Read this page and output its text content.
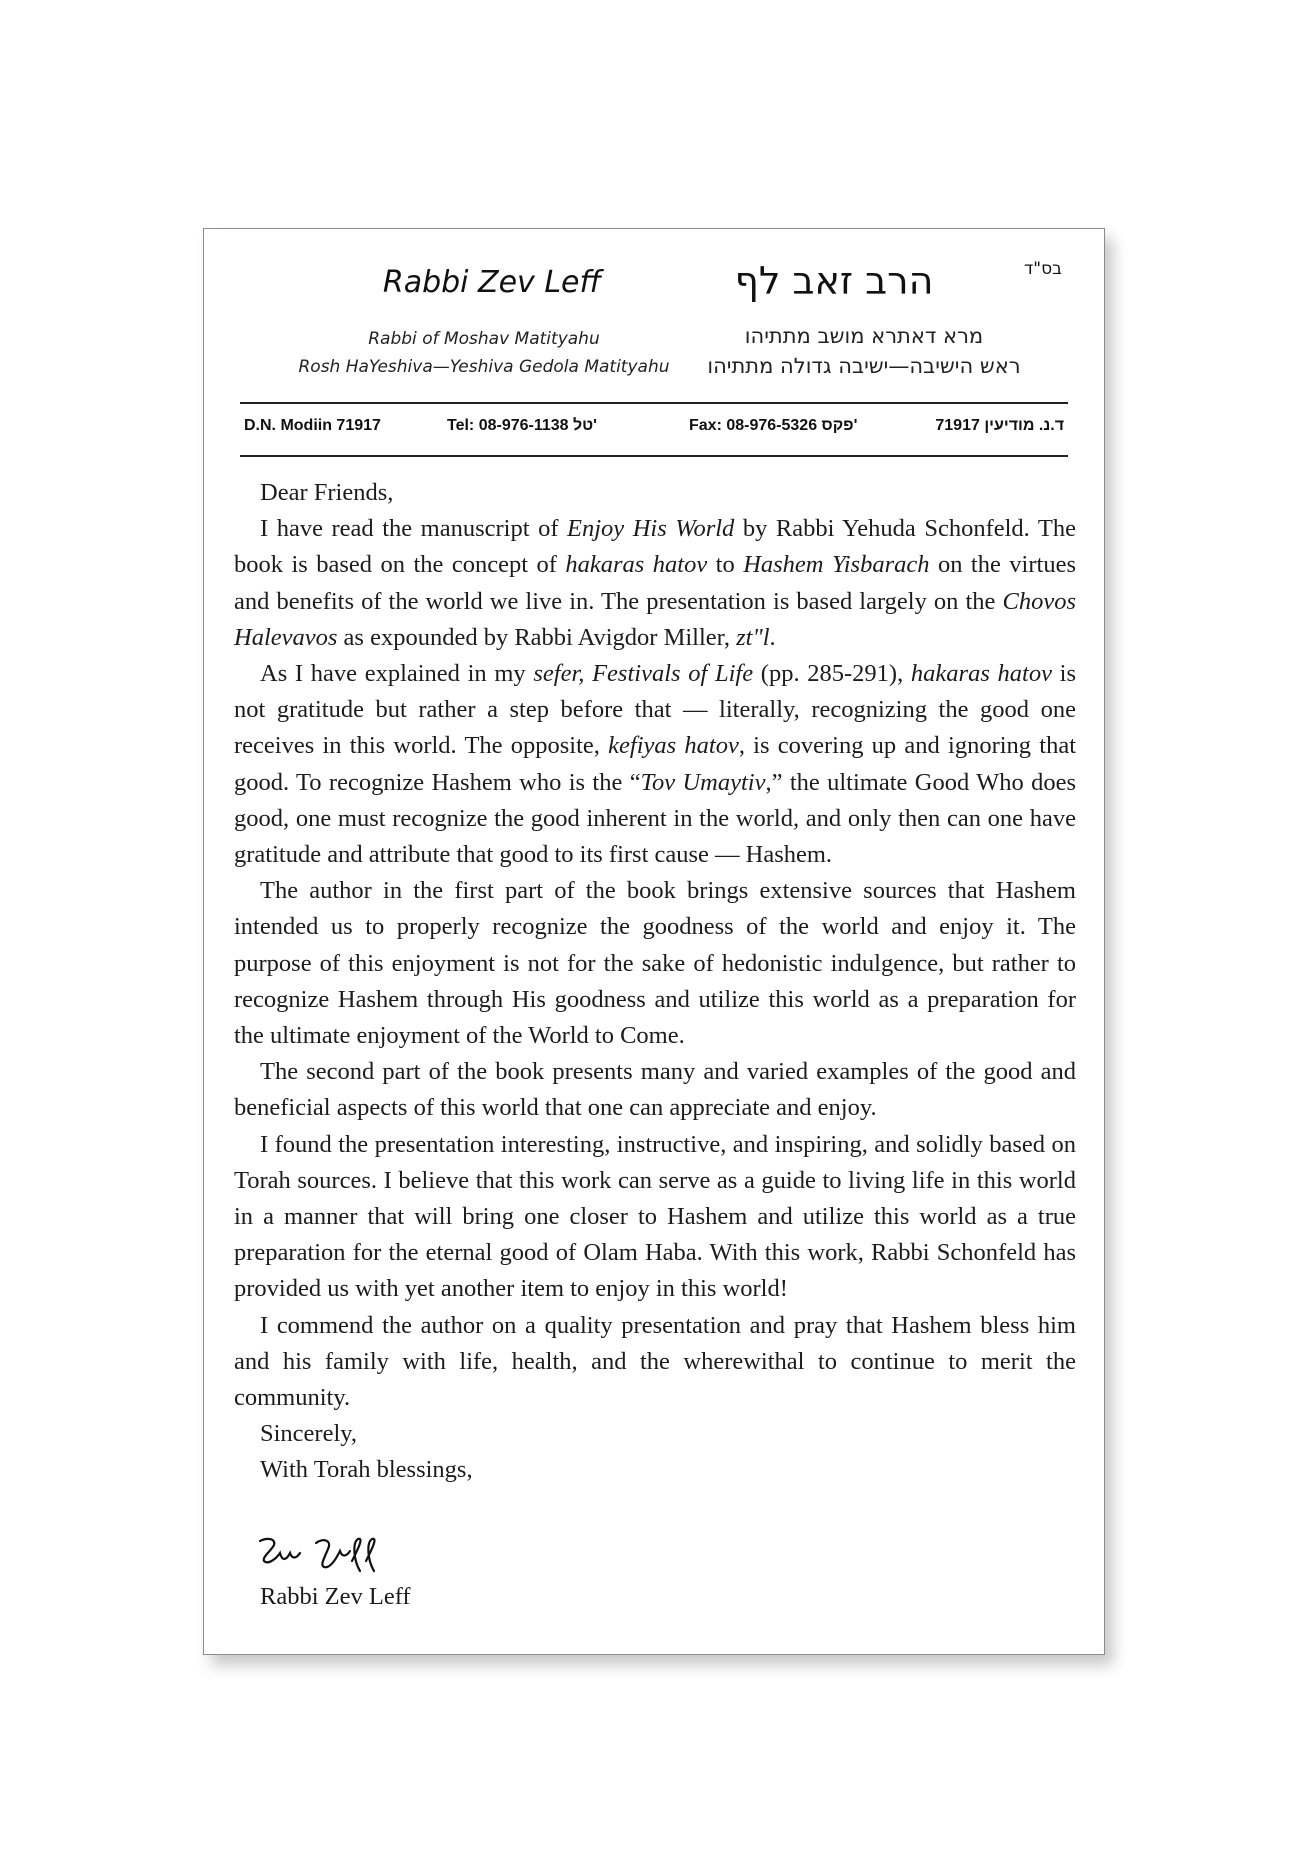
Rabbi Zev Leff	הרב זאב לף	בס"ד
Rabbi of Moshav Matityahu
Rosh HaYeshiva—Yeshiva Gedola Matityahu
מרא דאתרא מושב מתתיהו
ראש הישיבה—ישיבה גדולה מתתיהו
D.N. Modiin 71917	Tel: 08-976-1138 טל'	Fax: 08-976-5326 פקס'	ד.נ. מודיעין 71917

Dear Friends,

I have read the manuscript of Enjoy His World by Rabbi Yehuda Schonfeld. The book is based on the concept of hakaras hatov to Hashem Yisbarach on the virtues and benefits of the world we live in. The presentation is based largely on the Chovos Halevavos as expounded by Rabbi Avigdor Miller, zt"l.

As I have explained in my sefer, Festivals of Life (pp. 285-291), hakaras hatov is not gratitude but rather a step before that — literally, recognizing the good one receives in this world. The opposite, kefiyas hatov, is covering up and ignoring that good. To recognize Hashem who is the “Tov Umaytiv,” the ultimate Good Who does good, one must recognize the good inherent in the world, and only then can one have gratitude and attribute that good to its first cause — Hashem.

The author in the first part of the book brings extensive sources that Hashem intended us to properly recognize the goodness of the world and enjoy it. The purpose of this enjoyment is not for the sake of hedonistic indulgence, but rather to recognize Hashem through His goodness and utilize this world as a preparation for the ultimate enjoyment of the World to Come.

The second part of the book presents many and varied examples of the good and beneficial aspects of this world that one can appreciate and enjoy.

I found the presentation interesting, instructive, and inspiring, and solidly based on Torah sources. I believe that this work can serve as a guide to living life in this world in a manner that will bring one closer to Hashem and utilize this world as a true preparation for the eternal good of Olam Haba. With this work, Rabbi Schonfeld has provided us with yet another item to enjoy in this world!

I commend the author on a quality presentation and pray that Hashem bless him and his family with life, health, and the wherewithal to continue to merit the community.

Sincerely,

With Torah blessings,

Rabbi Zev Leff
